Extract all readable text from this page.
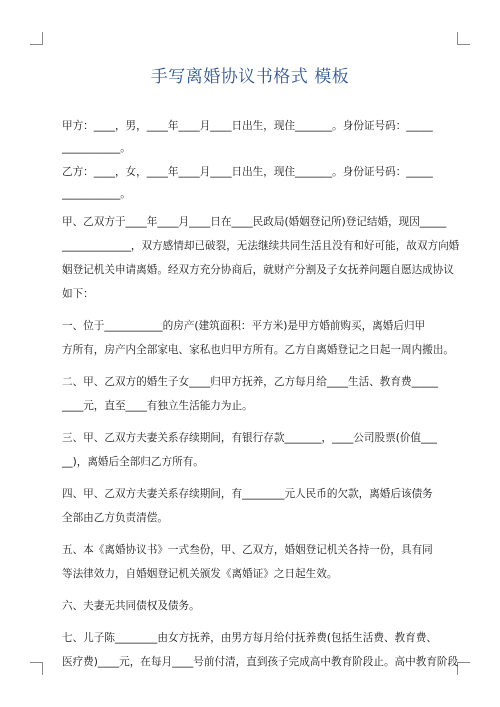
手写离婚协议书格式 模板
甲方：____，男，____年____月____日出生，现住_______。身份证号码：_____
___________。
乙方：____，女，____年____月____日出生，现住_______。身份证号码：_____
___________。
甲、乙双方于____年____月____日在____民政局(婚姻登记所)登记结婚，现因_____
_____________，双方感情却已破裂，无法继续共同生活且没有和好可能，故双方向婚
姻登记机关申请离婚。经双方充分协商后，就财产分割及子女抚养问题自愿达成协议
如下：
一、位于___________的房产(建筑面积：平方米)是甲方婚前购买，离婚后归甲
方所有，房产内全部家电、家私也归甲方所有。乙方自离婚登记之日起一周内搬出。
二、甲、乙双方的婚生子女____归甲方抚养，乙方每月给____生活、教育费_____
____元，直至____有独立生活能力为止。
三、甲、乙双方夫妻关系存续期间，有银行存款_______，____公司股票(价值___
__)，离婚后全部归乙方所有。
四、甲、乙双方夫妻关系存续期间，有________元人民币的欠款，离婚后该债务
全部由乙方负责清偿。
五、本《离婚协议书》一式叁份，甲、乙双方，婚姻登记机关各持一份，具有同
等法律效力，自婚姻登记机关颁发《离婚证》之日起生效。
六、夫妻无共同债权及债务。
七、儿子陈________由女方抚养，由男方每月给付抚养费(包括生活费、教育费、
医疗费)____元，在每月____号前付清，直到孩子完成高中教育阶段止。高中教育阶段
